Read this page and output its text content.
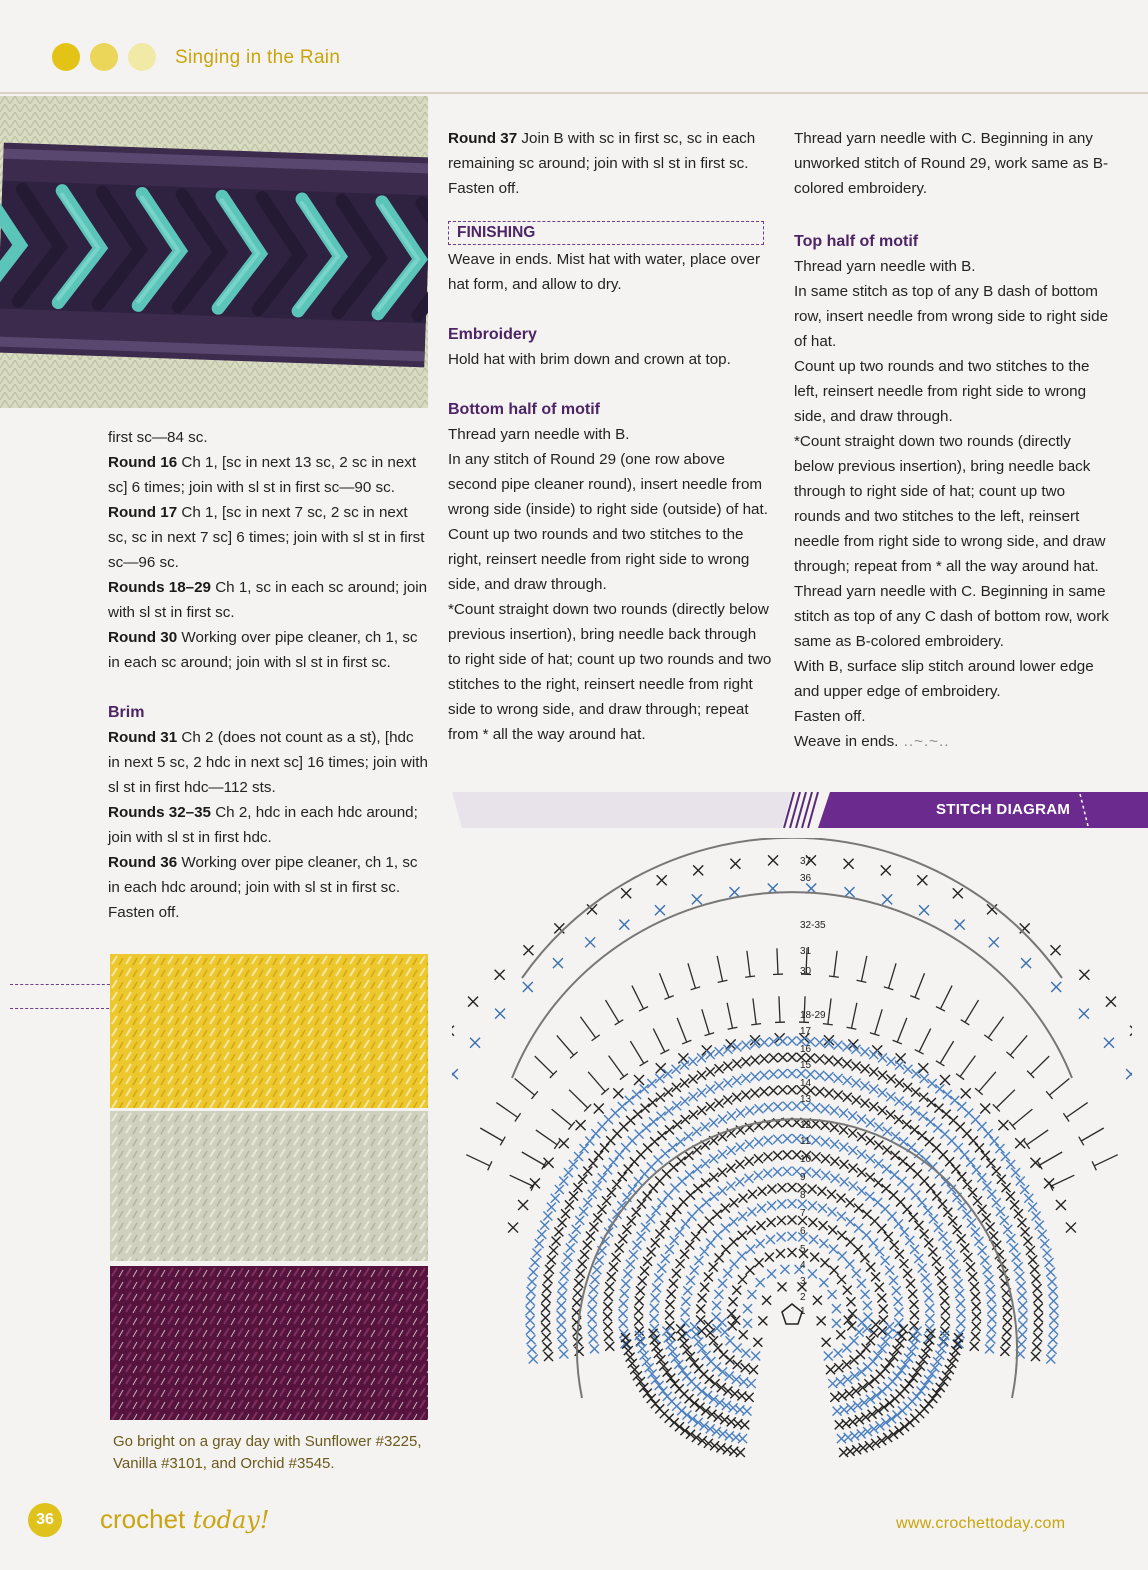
Singing in the Rain

first sc—84 sc.

Round 16 Ch 1, [sc in next 13 sc, 2 sc in next sc] 6 times; join with sl st in first sc—90 sc.

Round 17 Ch 1, [sc in next 7 sc, 2 sc in next sc, sc in next 7 sc] 6 times; join with sl st in first sc—96 sc.

Rounds 18–29 Ch 1, sc in each sc around; join with sl st in first sc.

Round 30 Working over pipe cleaner, ch 1, sc in each sc around; join with sl st in first sc.

Brim

Round 31 Ch 2 (does not count as a st), [hdc in next 5 sc, 2 hdc in next sc] 16 times; join with sl st in first hdc—112 sts.

Rounds 32–35 Ch 2, hdc in each hdc around; join with sl st in first hdc.

Round 36 Working over pipe cleaner, ch 1, sc in each hdc around; join with sl st in first sc. Fasten off.

Round 37 Join B with sc in first sc, sc in each remaining sc around; join with sl st in first sc. Fasten off.

FINISHING

Weave in ends. Mist hat with water, place over hat form, and allow to dry.

Embroidery

Hold hat with brim down and crown at top.

Bottom half of motif

Thread yarn needle with B.

In any stitch of Round 29 (one row above second pipe cleaner round), insert needle from wrong side (inside) to right side (outside) of hat. Count up two rounds and two stitches to the right, reinsert needle from right side to wrong side, and draw through.

*Count straight down two rounds (directly below previous insertion), bring needle back through to right side of hat; count up two rounds and two stitches to the right, reinsert needle from right side to wrong side, and draw through; repeat from * all the way around hat.

Thread yarn needle with C. Beginning in any unworked stitch of Round 29, work same as B-colored embroidery.

Top half of motif

Thread yarn needle with B.

In same stitch as top of any B dash of bottom row, insert needle from wrong side to right side of hat.

Count up two rounds and two stitches to the left, reinsert needle from right side to wrong side, and draw through.

*Count straight down two rounds (directly below previous insertion), bring needle back through to right side of hat; count up two rounds and two stitches to the left, reinsert needle from right side to wrong side, and draw through; repeat from * all the way around hat.

Thread yarn needle with C. Beginning in same stitch as top of any C dash of bottom row, work same as B-colored embroidery.

With B, surface slip stitch around lower edge and upper edge of embroidery.

Fasten off.

Weave in ends. ..~.~..

Go bright on a gray day with Sunflower #3225, Vanilla #3101, and Orchid #3545.
STITCH DIAGRAM
37
36
32-35
31
30
18-29
17
16
15
14
13
12
11
10
9
8
7
6
5
4
3
2
1
36	crochet today!	www.crochettoday.com
